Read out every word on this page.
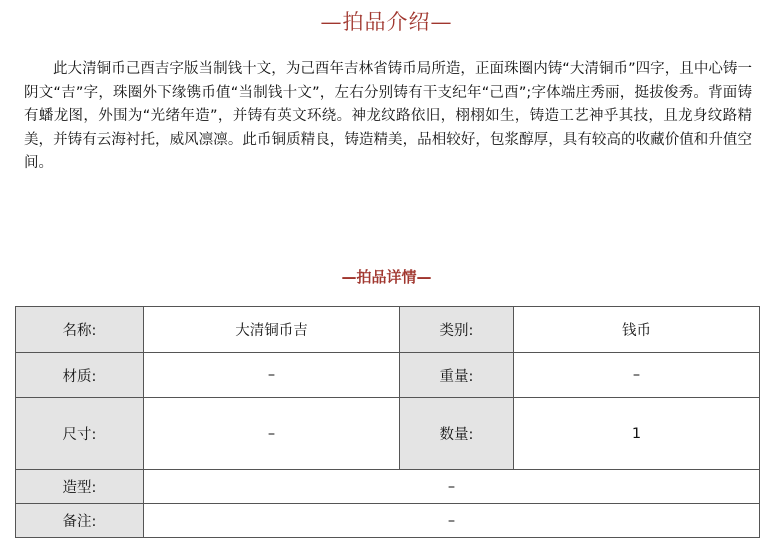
—拍品介绍—

此大清铜币己酉吉字版当制钱十文，为己酉年吉林省铸币局所造，正面珠圈内铸“大清铜币”四字，且中心铸一阴文“吉”字，珠圈外下缘镌币值“当制钱十文”，左右分别铸有干支纪年“己酉”;字体端庄秀丽，挺拔俊秀。背面铸有蟠龙图，外围为“光绪年造”，并铸有英文环绕。神龙纹路依旧，栩栩如生，铸造工艺神乎其技，且龙身纹路精美，并铸有云海衬托，威风凛凛。此币铜质精良，铸造精美，品相较好，包浆醇厚，具有较高的收藏价值和升值空间。

—拍品详情—
名称:	大清铜币吉	类别:	钱币
材质:	–	重量:	–
尺寸:	–	数量:	1
造型:	–		
备注:	–		
